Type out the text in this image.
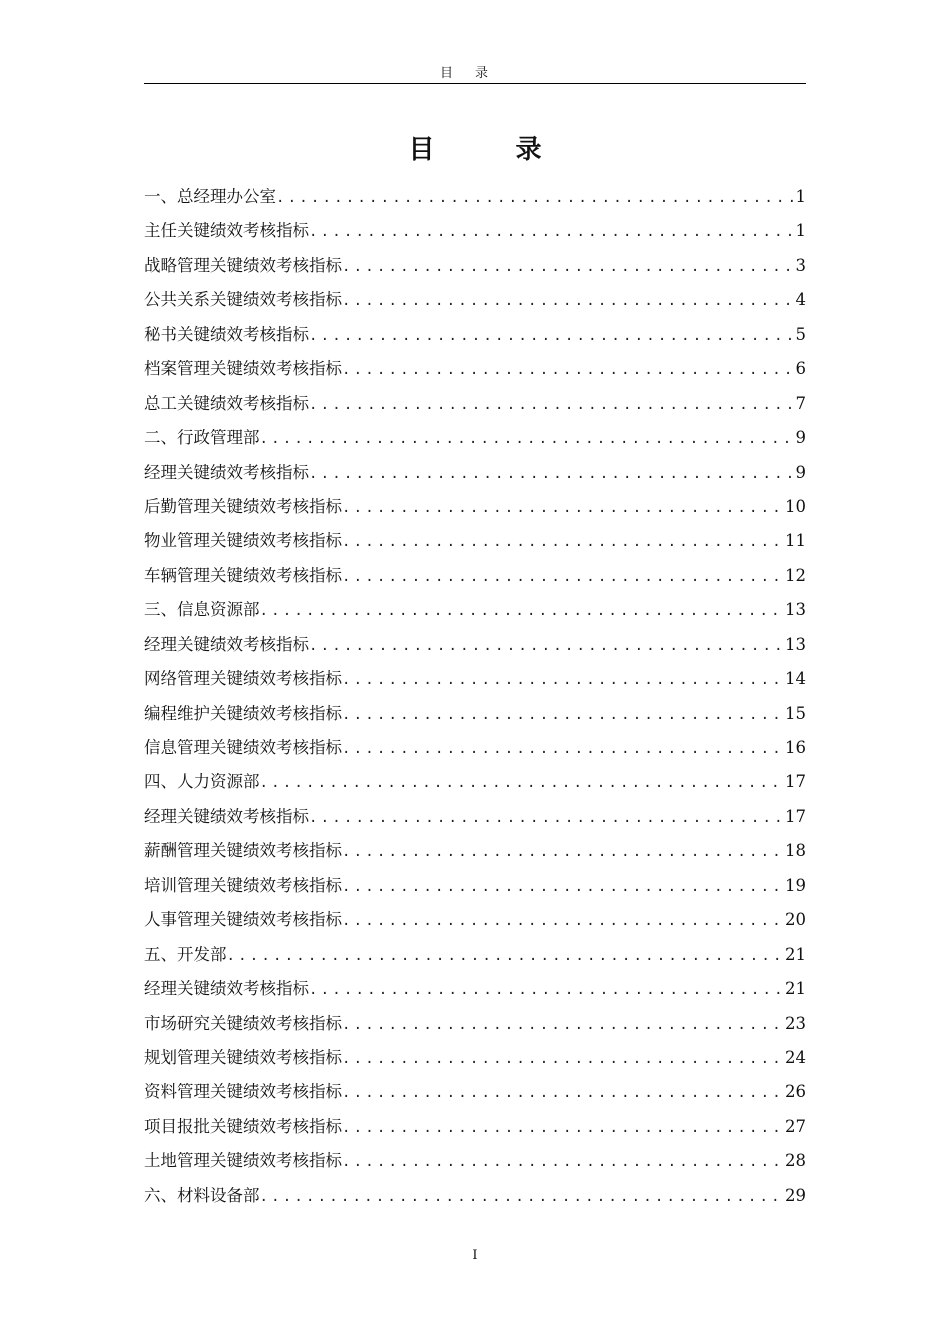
目录
目 录
一、总经理办公室 .....	1
主任关键绩效考核指标 .....	1
战略管理关键绩效考核指标 .....	3
公共关系关键绩效考核指标 .....	4
秘书关键绩效考核指标 .....	5
档案管理关键绩效考核指标 .....	6
总工关键绩效考核指标 .....	7
二、行政管理部 .....	9
经理关键绩效考核指标 .....	9
后勤管理关键绩效考核指标 .....	10
物业管理关键绩效考核指标 .....	11
车辆管理关键绩效考核指标 .....	12
三、信息资源部 .....	13
经理关键绩效考核指标 .....	13
网络管理关键绩效考核指标 .....	14
编程维护关键绩效考核指标 .....	15
信息管理关键绩效考核指标 .....	16
四、人力资源部 .....	17
经理关键绩效考核指标 .....	17
薪酬管理关键绩效考核指标 .....	18
培训管理关键绩效考核指标 .....	19
人事管理关键绩效考核指标 .....	20
五、开发部 .....	21
经理关键绩效考核指标 .....	21
市场研究关键绩效考核指标 .....	23
规划管理关键绩效考核指标 .....	24
资料管理关键绩效考核指标 .....	26
项目报批关键绩效考核指标 .....	27
土地管理关键绩效考核指标 .....	28
六、材料设备部 .....	29
I
